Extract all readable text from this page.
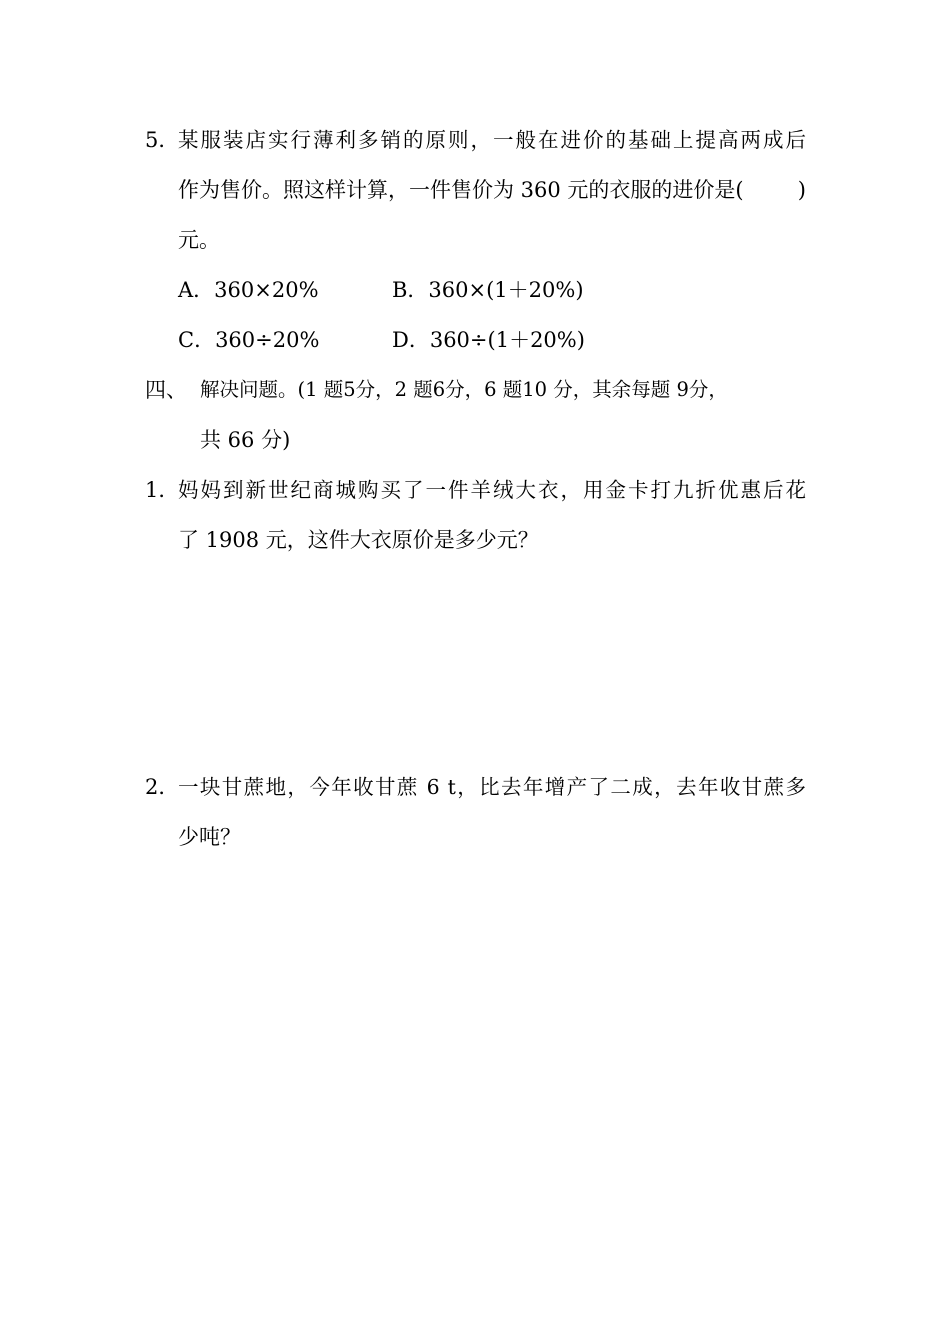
5．
某服装店实行薄利多销的原则，一般在进价的基础上提高两成后
作为售价。照这样计算，一件售价为 360 元的衣服的进价是(	)
元。
A．360×20%	B．360×(1＋20%)
C．360÷20%	D．360÷(1＋20%)
四、 解决问题。(1 题5分，2 题6分，6 题10 分，其余每题 9分，
共 66 分)
1．
妈妈到新世纪商城购买了一件羊绒大衣，用金卡打九折优惠后花
了 1908 元，这件大衣原价是多少元？
2．
一块甘蔗地，今年收甘蔗 6 t，比去年增产了二成，去年收甘蔗多
少吨？
